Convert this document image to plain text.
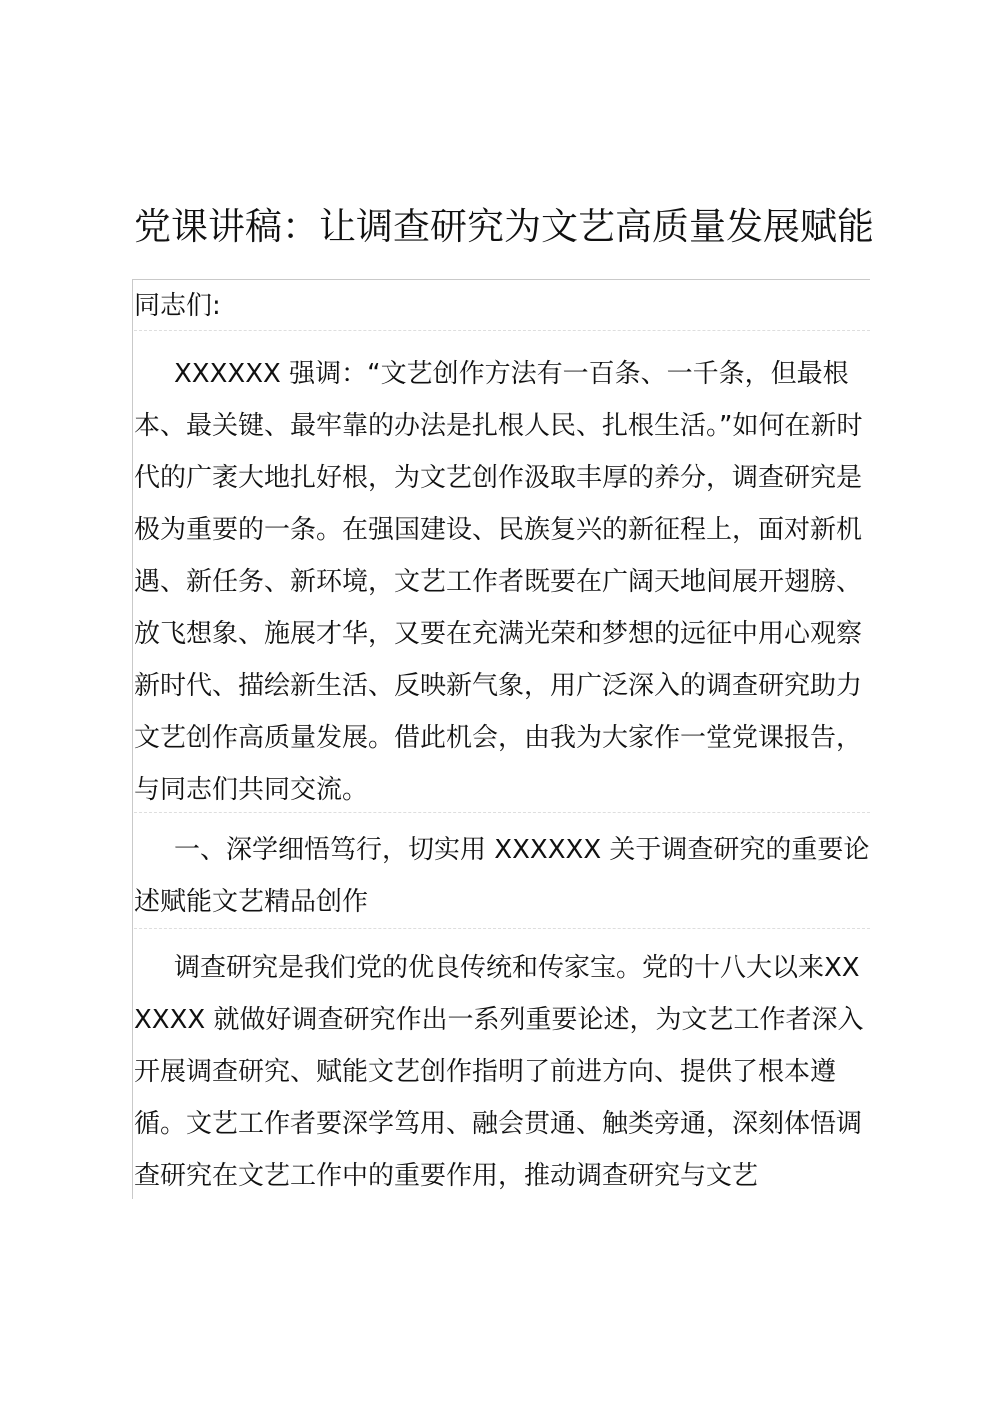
党课讲稿：让调查研究为文艺高质量发展赋能

同志们:

XXXXXX 强调：“文艺创作方法有一百条、一千条，但最根本、最关键、最牢靠的办法是扎根人民、扎根生活。”如何在新时代的广袤大地扎好根，为文艺创作汲取丰厚的养分，调查研究是极为重要的一条。在强国建设、民族复兴的新征程上，面对新机遇、新任务、新环境，文艺工作者既要在广阔天地间展开翅膀、放飞想象、施展才华，又要在充满光荣和梦想的远征中用心观察新时代、描绘新生活、反映新气象，用广泛深入的调查研究助力文艺创作高质量发展。借此机会，由我为大家作一堂党课报告，与同志们共同交流。

一、深学细悟笃行，切实用 XXXXXX 关于调查研究的重要论述赋能文艺精品创作

调查研究是我们党的优良传统和传家宝。党的十八大以来XXXXXX 就做好调查研究作出一系列重要论述，为文艺工作者深入开展调查研究、赋能文艺创作指明了前进方向、提供了根本遵循。文艺工作者要深学笃用、融会贯通、触类旁通，深刻体悟调查研究在文艺工作中的重要作用，推动调查研究与文艺
